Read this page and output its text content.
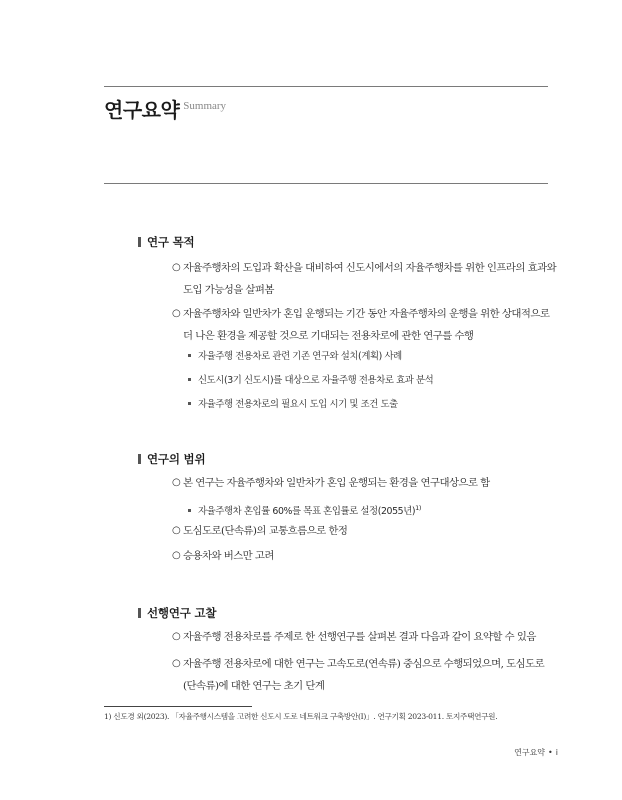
연구요약 $^{Summary}$
연구 목적
○ 자율주행차의 도입과 확산을 대비하여 신도시에서의 자율주행차를 위한 인프라의 효과와 도입 가능성을 살펴봄
○ 자율주행차와 일반차가 혼입 운행되는 기간 동안 자율주행차의 운행을 위한 상대적으로 더 나은 환경을 제공할 것으로 기대되는 전용차로에 관한 연구를 수행
자율주행 전용차로 관련 기존 연구와 설치(계획) 사례
신도시(3기 신도시)를 대상으로 자율주행 전용차로 효과 분석
자율주행 전용차로의 필요시 도입 시기 및 조건 도출
연구의 범위
○ 본 연구는 자율주행차와 일반차가 혼입 운행되는 환경을 연구대상으로 함
자율주행차 혼입률 60%를 목표 혼입률로 설정(2055년)$^{1)}$
○ 도심도로(단속류)의 교통흐름으로 한정
○ 승용차와 버스만 고려
선행연구 고찰
○ 자율주행 전용차로를 주제로 한 선행연구를 살펴본 결과 다음과 같이 요약할 수 있음
○ 자율주행 전용차로에 대한 연구는 고속도로(연속류) 중심으로 수행되었으며, 도심도로(단속류)에 대한 연구는 초기 단계
1) 신도경 외(2023). 「자율주행시스템을 고려한 신도시 도로 네트워크 구축방안(I)」. 연구기획 2023-011. 토지주택연구원.
연구요약 • i
